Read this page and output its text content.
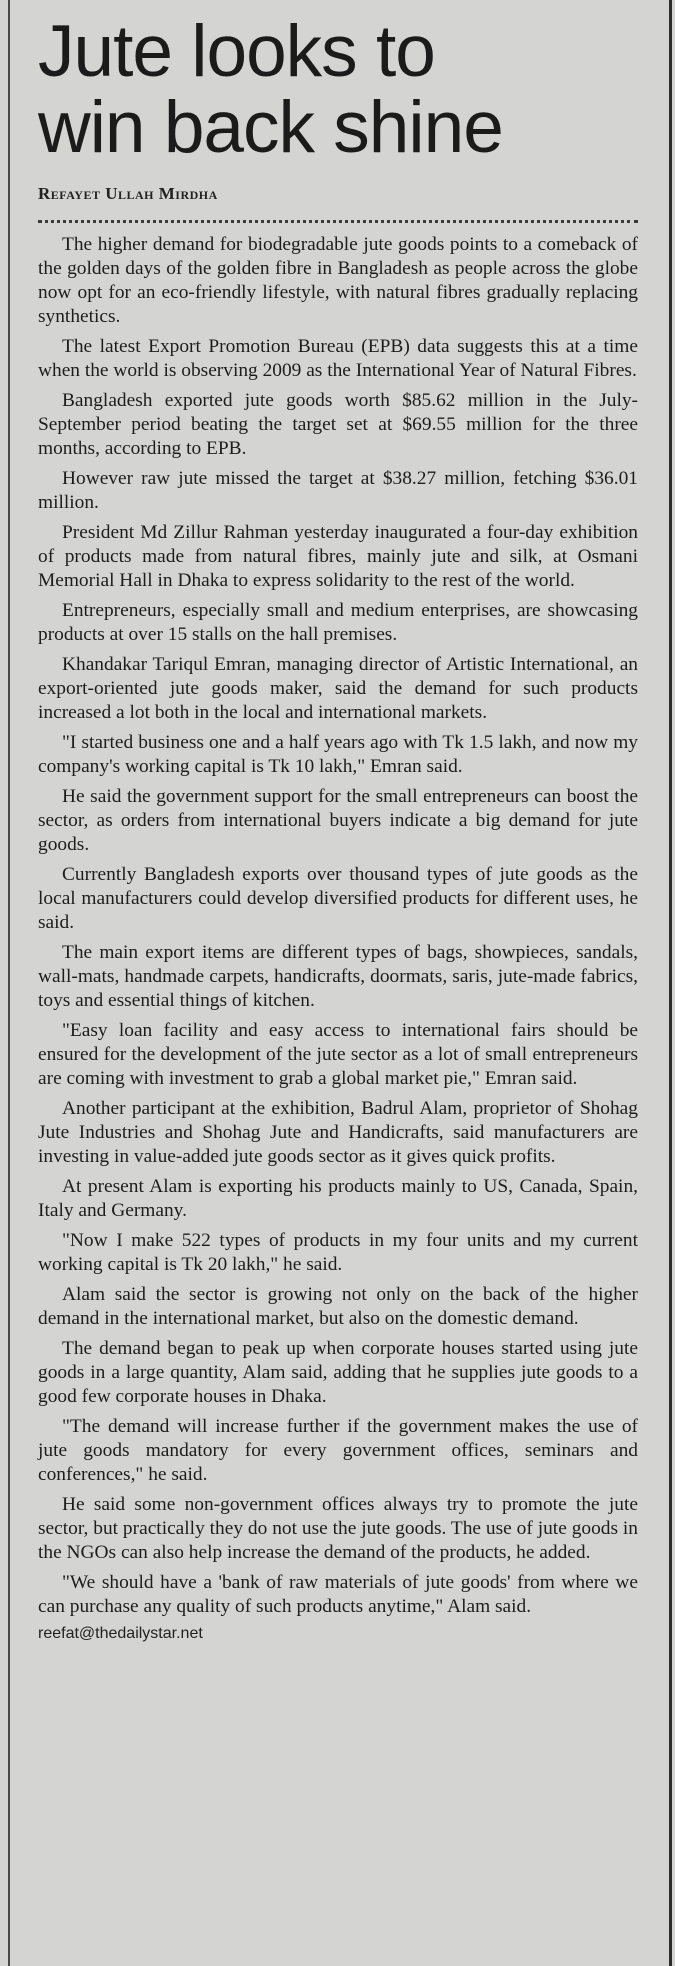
Jute looks to
win back shine
Refayet Ullah Mirdha

The higher demand for biodegradable jute goods points to a comeback of the golden days of the golden fibre in Bangladesh as people across the globe now opt for an eco-friendly lifestyle, with natural fibres gradually replacing synthetics.

The latest Export Promotion Bureau (EPB) data suggests this at a time when the world is observing 2009 as the International Year of Natural Fibres.

Bangladesh exported jute goods worth $85.62 million in the July-September period beating the target set at $69.55 million for the three months, according to EPB.

However raw jute missed the target at $38.27 million, fetching $36.01 million.

President Md Zillur Rahman yesterday inaugurated a four-day exhibition of products made from natural fibres, mainly jute and silk, at Osmani Memorial Hall in Dhaka to express solidarity to the rest of the world.

Entrepreneurs, especially small and medium enterprises, are showcasing products at over 15 stalls on the hall premises.

Khandakar Tariqul Emran, managing director of Artistic International, an export-oriented jute goods maker, said the demand for such products increased a lot both in the local and international markets.

"I started business one and a half years ago with Tk 1.5 lakh, and now my company's working capital is Tk 10 lakh," Emran said.

He said the government support for the small entrepreneurs can boost the sector, as orders from international buyers indicate a big demand for jute goods.

Currently Bangladesh exports over thousand types of jute goods as the local manufacturers could develop diversified products for different uses, he said.

The main export items are different types of bags, showpieces, sandals, wall-mats, handmade carpets, handicrafts, doormats, saris, jute-made fabrics, toys and essential things of kitchen.

"Easy loan facility and easy access to international fairs should be ensured for the development of the jute sector as a lot of small entrepreneurs are coming with investment to grab a global market pie," Emran said.

Another participant at the exhibition, Badrul Alam, proprietor of Shohag Jute Industries and Shohag Jute and Handicrafts, said manufacturers are investing in value-added jute goods sector as it gives quick profits.

At present Alam is exporting his products mainly to US, Canada, Spain, Italy and Germany.

"Now I make 522 types of products in my four units and my current working capital is Tk 20 lakh," he said.

Alam said the sector is growing not only on the back of the higher demand in the international market, but also on the domestic demand.

The demand began to peak up when corporate houses started using jute goods in a large quantity, Alam said, adding that he supplies jute goods to a good few corporate houses in Dhaka.

"The demand will increase further if the government makes the use of jute goods mandatory for every government offices, seminars and conferences," he said.

He said some non-government offices always try to promote the jute sector, but practically they do not use the jute goods. The use of jute goods in the NGOs can also help increase the demand of the products, he added.

"We should have a 'bank of raw materials of jute goods' from where we can purchase any quality of such products anytime," Alam said.

reefat@thedailystar.net
